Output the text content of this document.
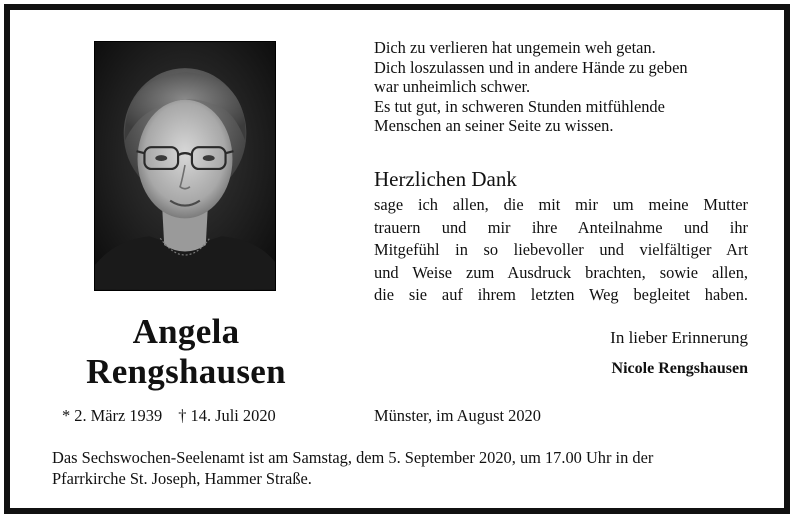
Dich zu verlieren hat ungemein weh getan.
Dich loszulassen und in andere Hände zu geben
war unheimlich schwer.
Es tut gut, in schweren Stunden mitfühlende
Menschen an seiner Seite zu wissen.
Herzlichen Dank
sage ich allen, die mit mir um meine Mutter
trauern und mir ihre Anteilnahme und ihr
Mitgefühl in so liebevoller und vielfältiger Art
und Weise zum Ausdruck brachten, sowie allen,
die sie auf ihrem letzten Weg begleitet haben.
In lieber Erinnerung
Nicole Rengshausen
Angela
Rengshausen
* 2. März 1939 † 14. Juli 2020	Münster, im August 2020
Das Sechswochen-Seelenamt ist am Samstag, dem 5. September 2020, um 17.00 Uhr in der
Pfarrkirche St. Joseph, Hammer Straße.
